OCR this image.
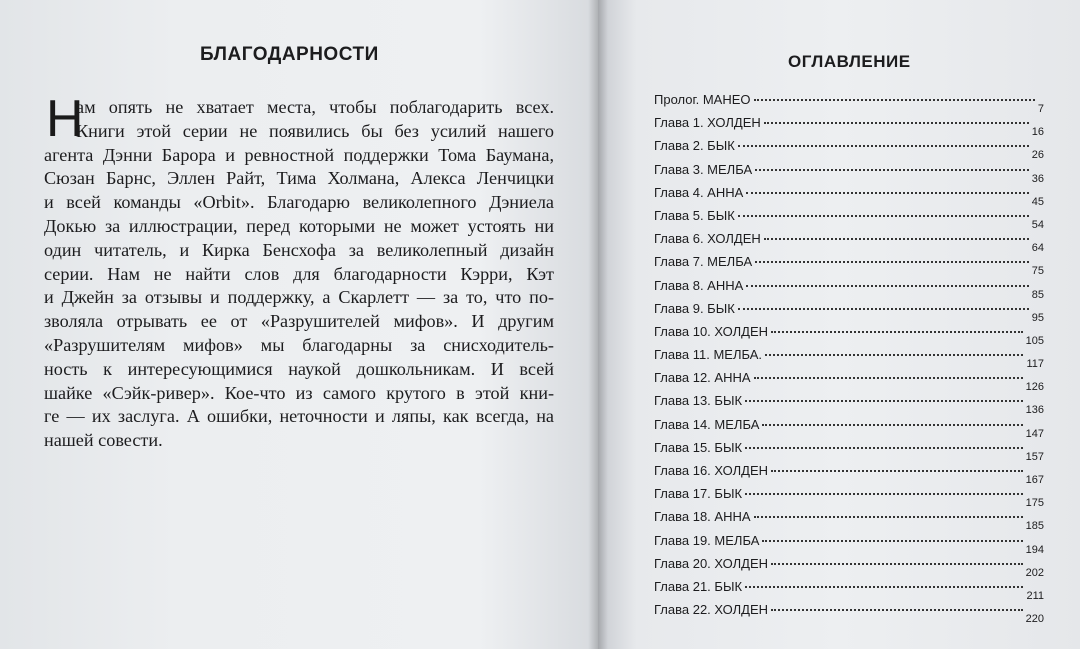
БЛАГОДАРНОСТИ
Н
ам опять не хватает места, чтобы поблагодарить всех.
Книги этой серии не появились бы без усилий нашего
агента Дэнни Барора и ревностной поддержки Тома Баумана,
Сюзан Барнс, Эллен Райт, Тима Холмана, Алекса Ленчицки
и всей команды «Orbit». Благодарю великолепного Дэниела
Докью за иллюстрации, перед которыми не может устоять ни
один читатель, и Кирка Бенсхофа за великолепный дизайн
серии. Нам не найти слов для благодарности Кэрри, Кэт
и Джейн за отзывы и поддержку, а Скарлетт — за то, что по-
зволяла отрывать ее от «Разрушителей мифов». И другим
«Разрушителям мифов» мы благодарны за снисходитель-
ность к интересующимися наукой дошкольникам. И всей
шайке «Сэйк-ривер». Кое-что из самого крутого в этой кни-
ге — их заслуга. А ошибки, неточности и ляпы, как всегда, на
нашей совести.
ОГЛАВЛЕНИЕ
Пролог. МАНЕО
7
Глава 1. ХОЛДЕН
16
Глава 2. БЫК
26
Глава 3. МЕЛБА
36
Глава 4. АННА
45
Глава 5. БЫК
54
Глава 6. ХОЛДЕН
64
Глава 7. МЕЛБА
75
Глава 8. АННА
85
Глава 9. БЫК
95
Глава 10. ХОЛДЕН
105
Глава 11. МЕЛБА.
117
Глава 12. АННА
126
Глава 13. БЫК
136
Глава 14. МЕЛБА
147
Глава 15. БЫК
157
Глава 16. ХОЛДЕН
167
Глава 17. БЫК
175
Глава 18. АННА
185
Глава 19. МЕЛБА
194
Глава 20. ХОЛДЕН
202
Глава 21. БЫК
211
Глава 22. ХОЛДЕН
220
